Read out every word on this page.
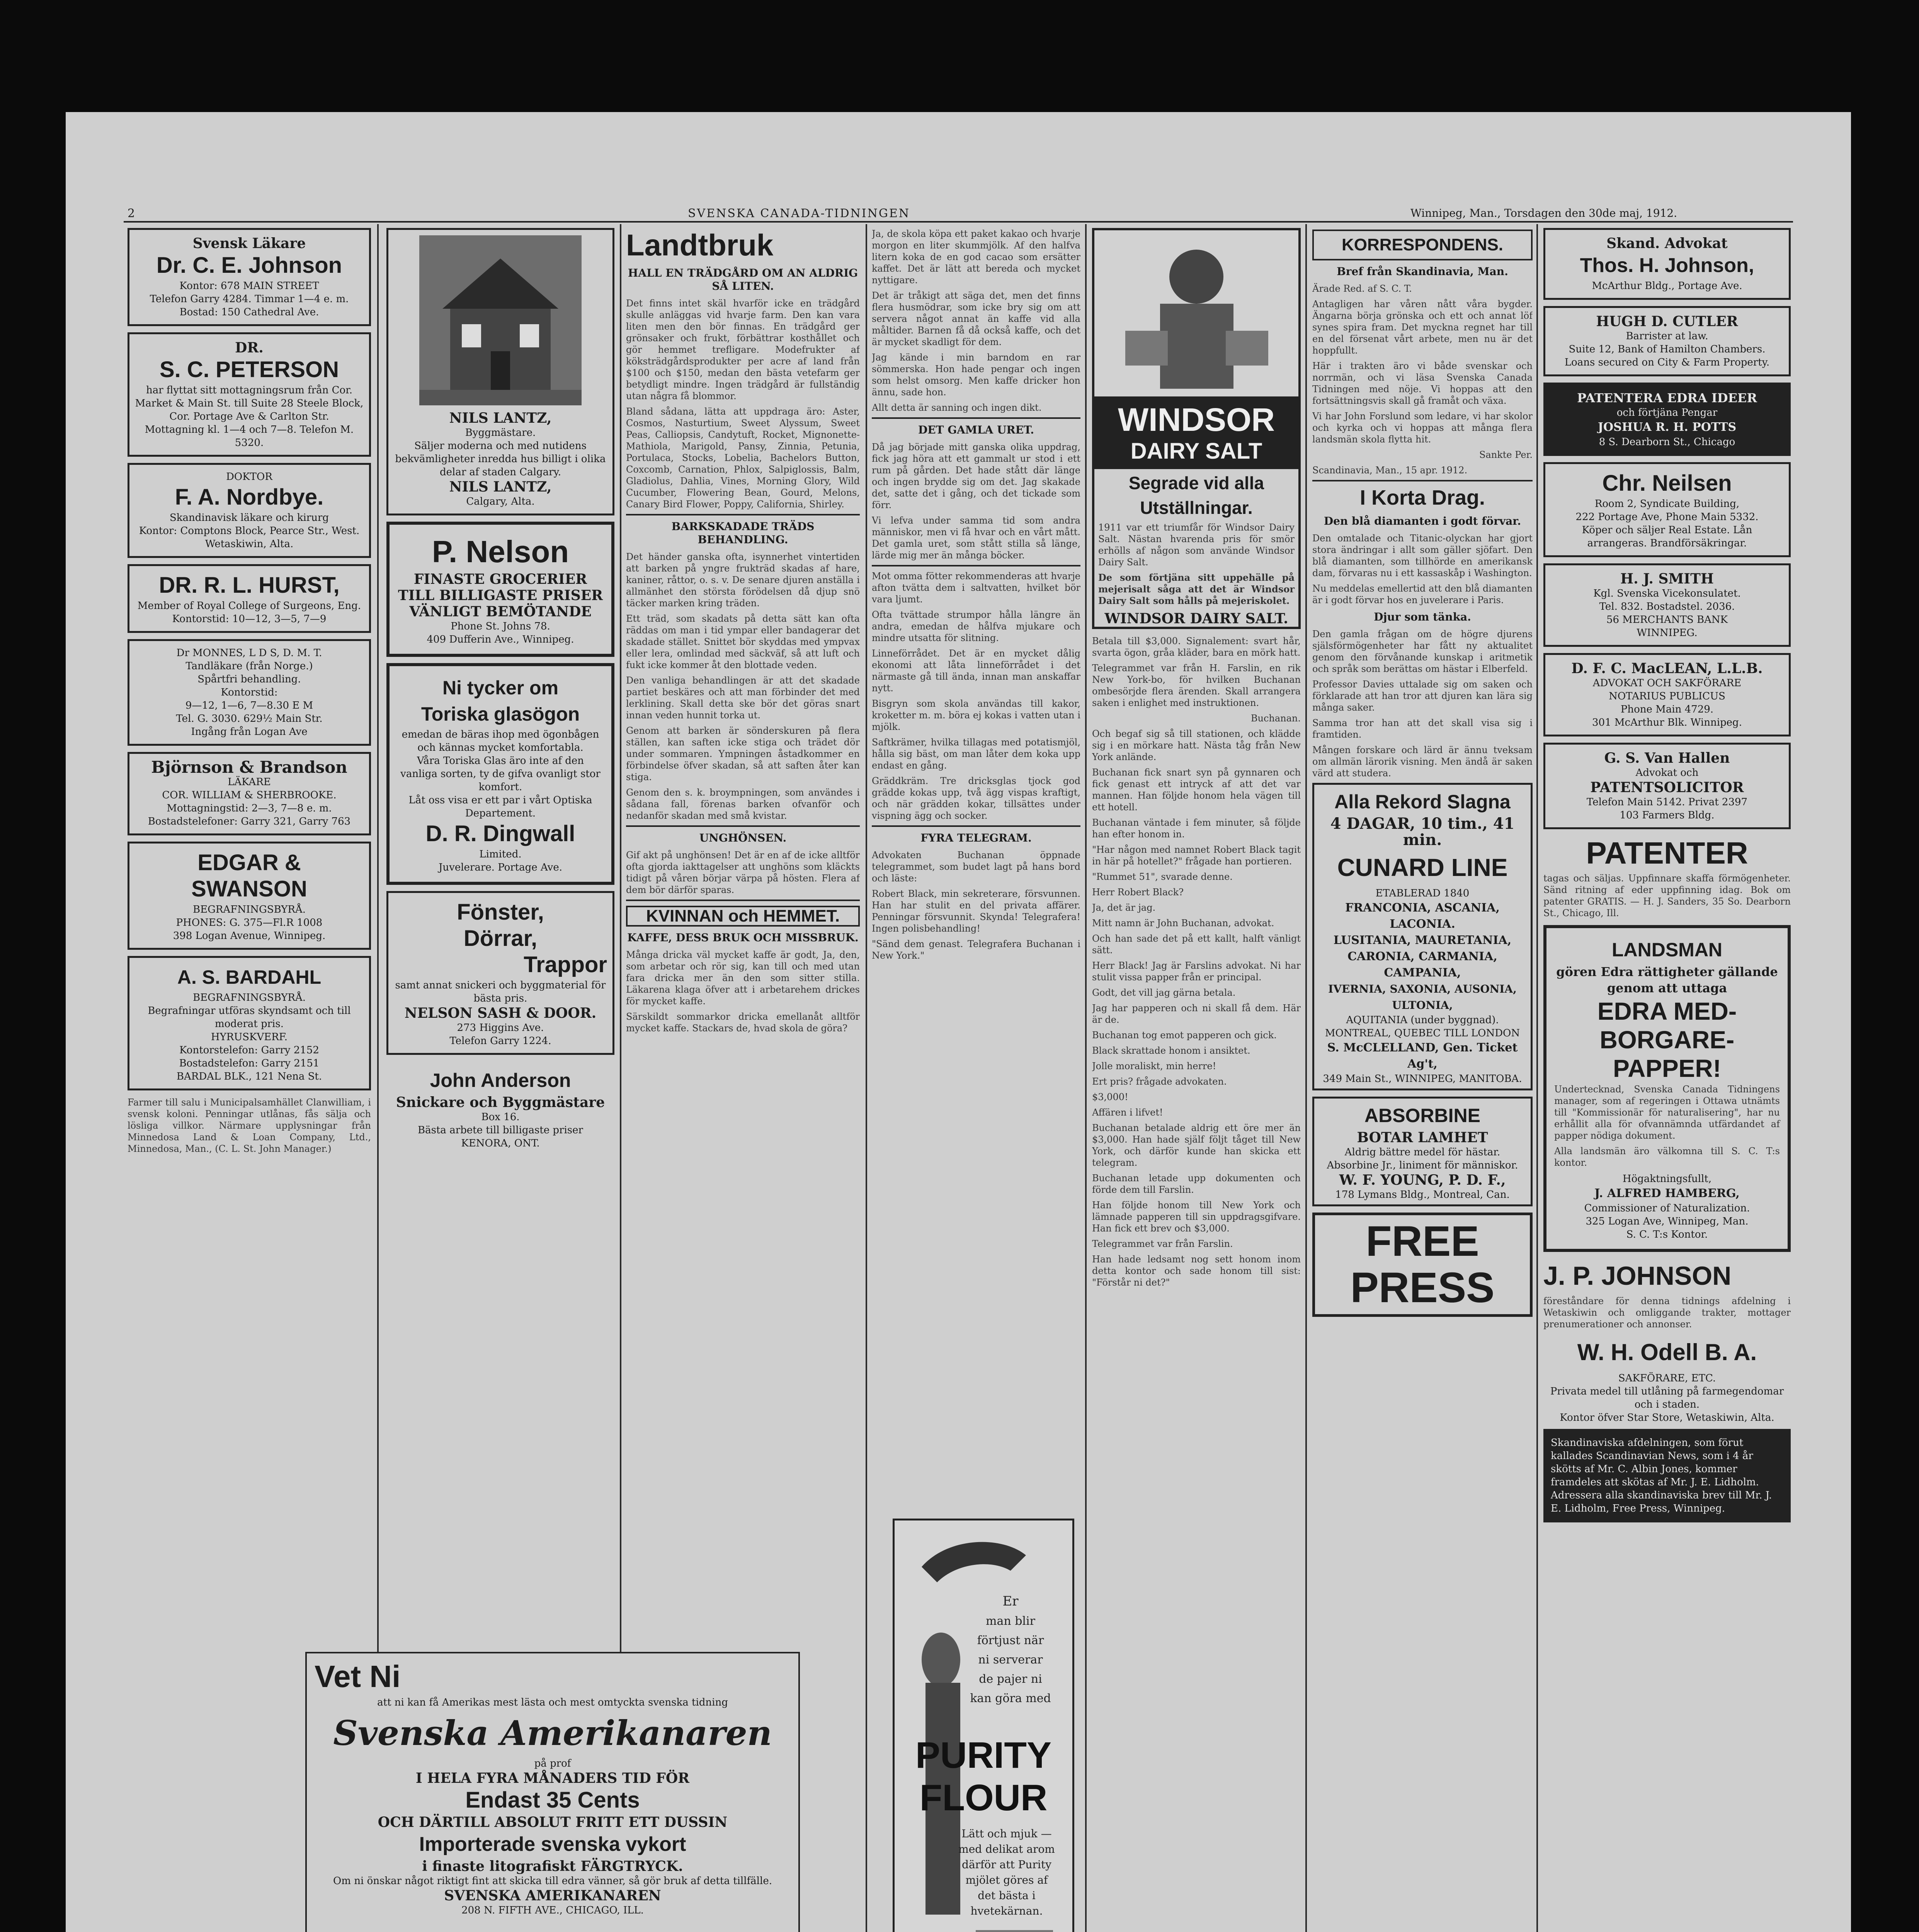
2	SVENSKA CANADA-TIDNINGEN	Winnipeg, Man., Torsdagen den 30de maj, 1912.

Svensk Läkare

Dr. C. E. Johnson

Kontor: 678 MAIN STREET

Telefon Garry 4284. Timmar 1—4 e. m.

Bostad: 150 Cathedral Ave.

DR.

S. C. PETERSON

har flyttat sitt mottagningsrum från Cor. Market & Main St. till Suite 28 Steele Block, Cor. Portage Ave & Carlton Str.

Mottagning kl. 1—4 och 7—8. Telefon M. 5320.

DOKTOR

F. A. Nordbye.

Skandinavisk läkare och kirurg

Kontor: Comptons Block, Pearce Str., West.

Wetaskiwin, Alta.

DR. R. L. HURST,

Member of Royal College of Surgeons, Eng.

Kontorstid: 10—12, 3—5, 7—9

Dr MONNES, L D S, D. M. T.

Tandläkare (från Norge.)

Spårtfri behandling.

Kontorstid:

9—12, 1—6, 7—8.30 E M

Tel. G. 3030. 629½ Main Str.

Ingång från Logan Ave

Björnson & Brandson

LÄKARE

COR. WILLIAM & SHERBROOKE.

Mottagningstid: 2—3, 7—8 e. m.

Bostadstelefoner: Garry 321, Garry 763

EDGAR &

SWANSON

BEGRAFNINGSBYRÅ.

PHONES: G. 375—Fl.R 1008

398 Logan Avenue, Winnipeg.

A. S. BARDAHL

BEGRAFNINGSBYRÅ.

Begrafningar utföras skyndsamt och till moderat pris.

HYRUSKVERF.

Kontorstelefon: Garry 2152

Bostadstelefon: Garry 2151

BARDAL BLK., 121 Nena St.

Farmer till salu i Municipalsamhället Clanwilliam, i svensk koloni. Penningar utlånas, fås sälja och lösliga villkor. Närmare upplysningar från Minnedosa Land & Loan Company, Ltd., Minnedosa, Man., (C. L. St. John Manager.)

Vet Ni

att ni kan få Amerikas mest lästa och mest omtyckta svenska tidning

Svenska Amerikanaren

på prof

I HELA FYRA MÅNADERS TID FÖR

Endast 35 Cents

OCH DÄRTILL ABSOLUT FRITT ETT DUSSIN

Importerade svenska vykort

i finaste litografiskt FÄRGTRYCK.

Om ni önskar något riktigt fint att skicka till edra vänner, så gör bruk af detta tillfälle.

SVENSKA AMERIKANAREN

208 N. FIFTH AVE., CHICAGO, ILL.

NILS LANTZ,

Byggmästare.

Säljer moderna och med nutidens bekvämligheter inredda hus billigt i olika delar af staden Calgary.

NILS LANTZ,

Calgary, Alta.

P. Nelson

FINASTE GROCERIER

TILL BILLIGASTE PRISER

VÄNLIGT BEMÖTANDE

Phone St. Johns 78.

409 Dufferin Ave., Winnipeg.

Ni tycker om

Toriska glasögon

emedan de bäras ihop med ögonbågen och kännas mycket komfortabla.

Våra Toriska Glas äro inte af den vanliga sorten, ty de gifva ovanligt stor komfort.

Låt oss visa er ett par i vårt Optiska Departement.

D. R. Dingwall

Limited.

Juvelerare. Portage Ave.

Fönster,

Dörrar,

Trappor

samt annat snickeri och byggmaterial för bästa pris.

NELSON SASH & DOOR.

273 Higgins Ave.

Telefon Garry 1224.

John Anderson

Snickare och Byggmästare

Box 16.

Bästa arbete till billigaste priser

KENORA, ONT.

Landtbruk

HALL EN TRÄDGÅRD OM AN ALDRIG SÅ LITEN.

Det finns intet skäl hvarför icke en trädgård skulle anläggas vid hvarje farm. Den kan vara liten men den bör finnas. En trädgård ger grönsaker och frukt, förbättrar kosthållet och gör hemmet trefligare. Modefrukter af köksträdgårdsprodukter per acre af land från $100 och $150, medan den bästa vetefarm ger betydligt mindre. Ingen trädgård är fullständig utan några få blommor.

Bland sådana, lätta att uppdraga äro: Aster, Cosmos, Nasturtium, Sweet Alyssum, Sweet Peas, Calliopsis, Candytuft, Rocket, Mignonette-Mathiola, Marigold, Pansy, Zinnia, Petunia, Portulaca, Stocks, Lobelia, Bachelors Button, Coxcomb, Carnation, Phlox, Salpiglossis, Balm, Gladiolus, Dahlia, Vines, Morning Glory, Wild Cucumber, Flowering Bean, Gourd, Melons, Canary Bird Flower, Poppy, California, Shirley.

BARKSKADADE TRÄDS BEHANDLING.

Det händer ganska ofta, isynnerhet vintertiden att barken på yngre frukträd skadas af hare, kaniner, råttor, o. s. v. De senare djuren anställa i allmänhet den största förödelsen då djup snö täcker marken kring träden.

Ett träd, som skadats på detta sätt kan ofta räddas om man i tid ympar eller bandagerar det skadade stället. Snittet bör skyddas med ympvax eller lera, omlindad med säckväf, så att luft och fukt icke kommer åt den blottade veden.

Den vanliga behandlingen är att det skadade partiet beskäres och att man förbinder det med lerklining. Skall detta ske bör det göras snart innan veden hunnit torka ut.

Genom att barken är sönderskuren på flera ställen, kan saften icke stiga och trädet dör under sommaren. Ympningen åstadkommer en förbindelse öfver skadan, så att saften åter kan stiga.

Genom den s. k. broympningen, som användes i sådana fall, förenas barken ofvanför och nedanför skadan med små kvistar.

UNGHÖNSEN.

Gif akt på unghönsen! Det är en af de icke alltför ofta gjorda iakttagelser att unghöns som kläckts tidigt på våren börjar värpa på hösten. Flera af dem bör därför sparas.

KVINNAN och HEMMET.

KAFFE, DESS BRUK OCH MISSBRUK.

Många dricka väl mycket kaffe är godt, Ja, den, som arbetar och rör sig, kan till och med utan fara dricka mer än den som sitter stilla. Läkarena klaga öfver att i arbetarehem drickes för mycket kaffe.

Särskildt sommarkor dricka emellanåt alltför mycket kaffe. Stackars de, hvad skola de göra?

Ja, de skola köpa ett paket kakao och hvarje morgon en liter skummjölk. Af den halfva litern koka de en god cacao som ersätter kaffet. Det är lätt att bereda och mycket nyttigare.

Det är tråkigt att säga det, men det finns flera husmödrar, som icke bry sig om att servera något annat än kaffe vid alla måltider. Barnen få då också kaffe, och det är mycket skadligt för dem.

Jag kände i min barndom en rar sömmerska. Hon hade pengar och ingen som helst omsorg. Men kaffe dricker hon ännu, sade hon.

Allt detta är sanning och ingen dikt.

DET GAMLA URET.

Då jag började mitt ganska olika uppdrag, fick jag höra att ett gammalt ur stod i ett rum på gården. Det hade stått där länge och ingen brydde sig om det. Jag skakade det, satte det i gång, och det tickade som förr.

Vi lefva under samma tid som andra människor, men vi få hvar och en vårt mått. Det gamla uret, som stått stilla så länge, lärde mig mer än många böcker.

Mot omma fötter rekommenderas att hvarje afton tvätta dem i saltvatten, hvilket bör vara ljumt.

Ofta tvättade strumpor hålla längre än andra, emedan de hålfva mjukare och mindre utsatta för slitning.

Linneförrådet. Det är en mycket dålig ekonomi att låta linneförrådet i det närmaste gå till ända, innan man anskaffar nytt.

Bisgryn som skola användas till kakor, kroketter m. m. böra ej kokas i vatten utan i mjölk.

Saftkrämer, hvilka tillagas med potatismjöl, hålla sig bäst, om man låter dem koka upp endast en gång.

Gräddkräm. Tre dricksglas tjock god grädde kokas upp, två ägg vispas kraftigt, och när grädden kokar, tillsättes under vispning ägg och socker.

FYRA TELEGRAM.

Advokaten Buchanan öppnade telegrammet, som budet lagt på hans bord och läste:

Robert Black, min sekreterare, försvunnen. Han har stulit en del privata affärer. Penningar försvunnit. Skynda! Telegrafera! Ingen polisbehandling!

"Sänd dem genast. Telegrafera Buchanan i New York."

Er
man blir
förtjust när
ni serverar
de pajer ni
kan göra med
PURITY
FLOUR
Lätt och mjuk —
med delikat arom
därför att Purity
mjölet göres af
det bästa i
hvetekärnan.

WINDSOR

DAIRY SALT

Segrade vid alla Utställningar.

1911 var ett triumfår för Windsor Dairy Salt. Nästan hvarenda pris för smör erhölls af någon som använde Windsor Dairy Salt.

De som förtjäna sitt uppehälle på mejerisalt såga att det är Windsor Dairy Salt som hålls på mejeriskolet.

WINDSOR DAIRY SALT.

Betala till $3,000. Signalement: svart hår, svarta ögon, gråa kläder, bara en mörk hatt.

Telegrammet var från H. Farslin, en rik New York-bo, för hvilken Buchanan ombesörjde flera ärenden. Skall arrangera saken i enlighet med instruktionen.

Buchanan.

Och begaf sig så till stationen, och klädde sig i en mörkare hatt. Nästa tåg från New York anlände.

Buchanan fick snart syn på gynnaren och fick genast ett intryck af att det var mannen. Han följde honom hela vägen till ett hotell.

Buchanan väntade i fem minuter, så följde han efter honom in.

"Har någon med namnet Robert Black tagit in här på hotellet?" frågade han portieren.

"Rummet 51", svarade denne.

Herr Robert Black?

Ja, det är jag.

Mitt namn är John Buchanan, advokat.

Och han sade det på ett kallt, halft vänligt sätt.

Herr Black! Jag är Farslins advokat. Ni har stulit vissa papper från er principal.

Godt, det vill jag gärna betala.

Jag har papperen och ni skall få dem. Här är de.

Buchanan tog emot papperen och gick.

Black skrattade honom i ansiktet.

Jolle moraliskt, min herre!

Ert pris? frågade advokaten.

$3,000!

Affären i lifvet!

Buchanan betalade aldrig ett öre mer än $3,000. Han hade själf följt tåget till New York, och därför kunde han skicka ett telegram.

Buchanan letade upp dokumenten och förde dem till Farslin.

Han följde honom till New York och lämnade papperen till sin uppdragsgifvare. Han fick ett brev och $3,000.

Telegrammet var från Farslin.

Han hade ledsamt nog sett honom inom detta kontor och sade honom till sist: "Förstår ni det?"

KORRESPONDENS.

Bref från Skandinavia, Man.

Ärade Red. af S. C. T.

Antagligen har våren nått våra bygder. Ängarna börja grönska och ett och annat löf synes spira fram. Det myckna regnet har till en del försenat vårt arbete, men nu är det hoppfullt.

Här i trakten äro vi både svenskar och norrmän, och vi läsa Svenska Canada Tidningen med nöje. Vi hoppas att den fortsättningsvis skall gå framåt och växa.

Vi har John Forslund som ledare, vi har skolor och kyrka och vi hoppas att många flera landsmän skola flytta hit.

Sankte Per.

Scandinavia, Man., 15 apr. 1912.

I Korta Drag.

Den blå diamanten i godt förvar.

Den omtalade och Titanic-olyckan har gjort stora ändringar i allt som gäller sjöfart. Den blå diamanten, som tillhörde en amerikansk dam, förvaras nu i ett kassaskåp i Washington.

Nu meddelas emellertid att den blå diamanten är i godt förvar hos en juvelerare i Paris.

Djur som tänka.

Den gamla frågan om de högre djurens själsförmögenheter har fått ny aktualitet genom den förvånande kunskap i aritmetik och språk som berättas om hästar i Elberfeld.

Professor Davies uttalade sig om saken och förklarade att han tror att djuren kan lära sig många saker.

Samma tror han att det skall visa sig i framtiden.

Mången forskare och lärd är ännu tveksam om allmän lärorik visning. Men ändå är saken värd att studera.

Alla Rekord Slagna

4 DAGAR, 10 tim., 41 min.

CUNARD LINE

ETABLERAD 1840

FRANCONIA, ASCANIA, LACONIA.

LUSITANIA, MAURETANIA,

CARONIA, CARMANIA, CAMPANIA,

IVERNIA, SAXONIA, AUSONIA, ULTONIA,

AQUITANIA (under byggnad).

MONTREAL, QUEBEC TILL LONDON

S. McCLELLAND, Gen. Ticket Ag't,

349 Main St., WINNIPEG, MANITOBA.

ABSORBINE

BOTAR LAMHET

Aldrig bättre medel för hästar. Absorbine Jr., liniment för människor.

W. F. YOUNG, P. D. F.,

178 Lymans Bldg., Montreal, Can.

FREE

PRESS

Skand. Advokat

Thos. H. Johnson,

McArthur Bldg., Portage Ave.

HUGH D. CUTLER

Barrister at law.

Suite 12, Bank of Hamilton Chambers.

Loans secured on City & Farm Property.

PATENTERA EDRA IDEER

och förtjäna Pengar

JOSHUA R. H. POTTS

8 S. Dearborn St., Chicago

Chr. Neilsen

Room 2, Syndicate Building,

222 Portage Ave, Phone Main 5332.

Köper och säljer Real Estate. Lån arrangeras. Brandförsäkringar.

H. J. SMITH

Kgl. Svenska Vicekonsulatet.

Tel. 832. Bostadstel. 2036.

56 MERCHANTS BANK

WINNIPEG.

D. F. C. MacLEAN, L.L.B.

ADVOKAT OCH SAKFÖRARE

NOTARIUS PUBLICUS

Phone Main 4729.

301 McArthur Blk. Winnipeg.

G. S. Van Hallen

Advokat och

PATENTSOLICITOR

Telefon Main 5142. Privat 2397

103 Farmers Bldg.

PATENTER

tagas och säljas. Uppfinnare skaffa förmögenheter. Sänd ritning af eder uppfinning idag. Bok om patenter GRATIS. — H. J. Sanders, 35 So. Dearborn St., Chicago, Ill.

LANDSMAN

gören Edra rättigheter gällande genom att uttaga

EDRA MED-

BORGARE-

PAPPER!

Undertecknad, Svenska Canada Tidningens manager, som af regeringen i Ottawa utnämts till "Kommissionär för naturalisering", har nu erhållit alla för ofvannämnda utfärdandet af papper nödiga dokument.

Alla landsmän äro välkomna till S. C. T:s kontor.

Högaktningsfullt,

J. ALFRED HAMBERG,

Commissioner of Naturalization.

325 Logan Ave, Winnipeg, Man.

S. C. T:s Kontor.

J. P. JOHNSON

föreståndare för denna tidnings afdelning i Wetaskiwin och omliggande trakter, mottager prenumerationer och annonser.

W. H. Odell B. A.

SAKFÖRARE, ETC.

Privata medel till utlåning på farmegendomar och i staden.

Kontor öfver Star Store, Wetaskiwin, Alta.

Skandinaviska afdelningen, som förut kallades Scandinavian News, som i 4 år skötts af Mr. C. Albin Jones, kommer framdeles att skötas af Mr. J. E. Lidholm.

Adressera alla skandinaviska brev till Mr. J. E. Lidholm, Free Press, Winnipeg.
